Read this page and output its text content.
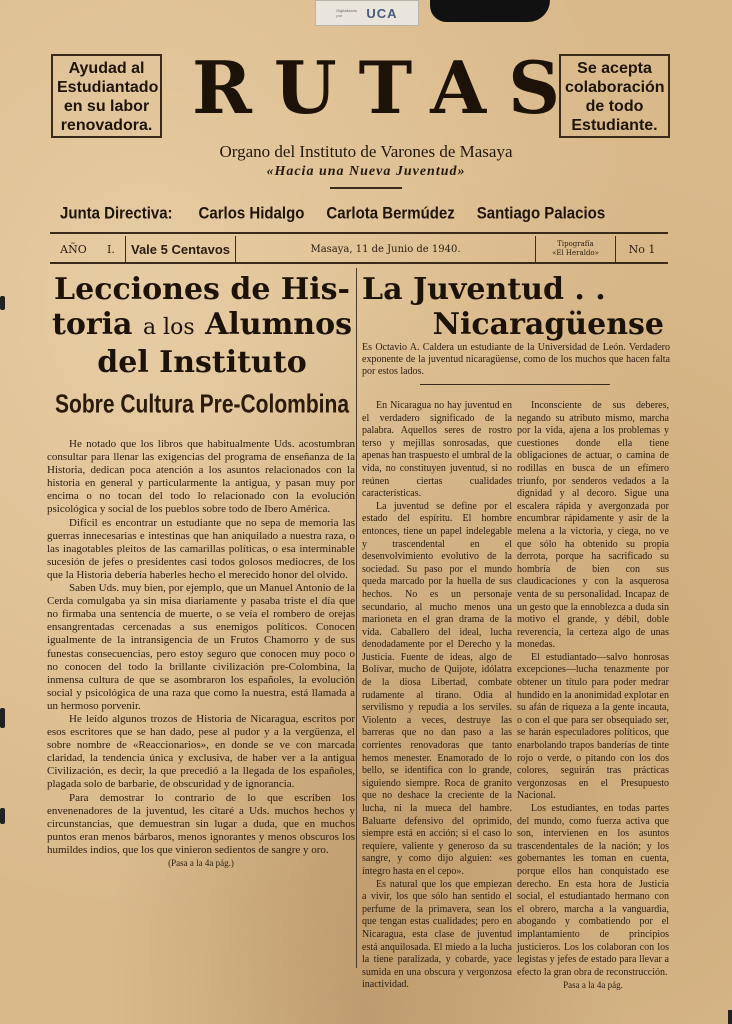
Digitalizado por	UCA
Ayudad al Estudiantado en su labor renovadora.
Se acepta colaboración de todo Estudiante.
RUTAS
Organo del Instituto de Varones de Masaya
«Hacia una Nueva Juventud»
Junta Directiva: Carlos Hidalgo Carlota Bermúdez Santiago Palacios
AÑO I.	Vale 5 Centavos	Masaya, 11 de Junio de 1940.	Tipografía
«El Heraldo»	No 1
Lecciones de His-
toria a los Alumnos
del Instituto
Sobre Cultura Pre-Colombina

He notado que los libros que habitualmente Uds. acostumbran consultar para llenar las exigencias del programa de enseñanza de la Historia, dedican poca atención a los asuntos relacionados con la historia en general y particularmente la antigua, y pasan muy por encima o no tocan del todo lo relacionado con la evolución psicológica y social de los pueblos sobre todo de Ibero América.

Difícil es encontrar un estudiante que no sepa de memoria las guerras innecesarias e intestinas que han aniquilado a nuestra raza, o las inagotables pleitos de las camarillas políticas, o esa interminable sucesión de jefes o presidentes casi todos golosos mediocres, de los que la Historia debería haberles hecho el merecido honor del olvido.

Saben Uds. muy bien, por ejemplo, que un Manuel Antonio de la Cerda comulgaba ya sin misa diariamente y pasaba triste el día que no firmaba una sentencia de muerte, o se veía el rombero de orejas ensangrentadas cercenadas a sus enemigos políticos. Conocen igualmente de la intransigencia de un Frutos Chamorro y de sus funestas consecuencias, pero estoy seguro que conocen muy poco o no conocen del todo la brillante civilización pre-Colombina, la inmensa cultura de que se asombraron los españoles, la evolución social y psicológica de una raza que como la nuestra, está llamada a un hermoso porvenir.

He leído algunos trozos de Historia de Nicaragua, escritos por esos escritores que se han dado, pese al pudor y a la vergüenza, el sobre nombre de «Reaccionarios», en donde se ve con marcada claridad, la tendencia única y exclusiva, de haber ver a la antigua Civilización, es decir, la que precedió a la llegada de los españoles, plagada solo de barbarie, de obscuridad y de ignorancia.

Para demostrar lo contrario de lo que escriben los envenenadores de la juventud, les citaré a Uds. muchos hechos y circunstancias, que demuestran sin lugar a duda, que en muchos puntos eran menos bárbaros, menos ignorantes y menos obscuros los humildes indios, que los que vinieron sedientos de sangre y oro.

(Pasa a la 4a pág.)

La Juventud . .
Nicaragüense
Es Octavio A. Caldera un estudiante de la Universidad de León. Verdadero exponente de la juventud nicaragüense, como de los muchos que hacen falta por estos lados.

En Nicaragua no hay juventud en el verdadero significado de la palabra. Aquellos seres de rostro terso y mejillas sonrosadas, que apenas han traspuesto el umbral de la vida, no constituyen juventud, si no reúnen ciertas cualidades características.

La juventud se define por el estado del espíritu. El hombre entonces, tiene un papel indelegable y trascendental en el desenvolvimiento evolutivo de la sociedad. Su paso por el mundo queda marcado por la huella de sus hechos. No es un personaje secundario, al mucho menos una marioneta en el gran drama de la vida. Caballero del ideal, lucha denodadamente por el Derecho y la Justicia. Fuente de ideas, algo de Bolívar, mucho de Quijote, idólatra de la diosa Libertad, combate rudamente al tirano. Odia al servilismo y repudia a los serviles. Violento a veces, destruye las barreras que no dan paso a las corrientes renovadoras que tanto hemos menester. Enamorado de lo bello, se identifica con lo grande, siguiendo siempre. Roca de granito que no deshace la creciente de la lucha, ni la mueca del hambre. Baluarte defensivo del oprimido, siempre está en acción; si el caso lo requiere, valiente y generoso da su sangre, y como dijo alguien: «es íntegro hasta en el cepo».

Es natural que los que empiezan a vivir, los que sólo han sentido el perfume de la primavera, sean los que tengan estas cualidades; pero en Nicaragua, esta clase de juventud está anquilosada. El miedo a la lucha la tiene paralizada, y cobarde, yace sumida en una obscura y vergonzosa inactividad.

Inconsciente de sus deberes, negando su atributo mismo, marcha por la vida, ajena a los problemas y cuestiones donde ella tiene obligaciones de actuar, o camina de rodillas en busca de un efímero triunfo, por senderos vedados a la dignidad y al decoro. Sigue una escalera rápida y avergonzada por encumbrar rápidamente y asir de la melena a la victoria, y ciega, no ve que sólo ha obtenido su propia derrota, porque ha sacrificado su hombría de bien con sus claudicaciones y con la asquerosa venta de su personalidad. Incapaz de un gesto que la ennoblezca a duda sin motivo el grande, y débil, doble reverencia, la certeza algo de unas monedas.

El estudiantado—salvo honrosas excepciones—lucha tenazmente por obtener un título para poder medrar hundido en la anonimidad explotar en su afán de riqueza a la gente incauta, o con el que para ser obsequiado ser, se harán especuladores políticos, que enarbolando trapos banderías de tinte rojo o verde, o pitando con los dos colores, seguirán tras prácticas vergonzosas en el Presupuesto Nacional.

Los estudiantes, en todas partes del mundo, como fuerza activa que son, intervienen en los asuntos trascendentales de la nación; y los gobernantes les toman en cuenta, porque ellos han conquistado ese derecho. En esta hora de Justicia social, el estudiantado hermano con el obrero, marcha a la vanguardia, abogando y combatiendo por el implantamiento de principios justicieros. Los los colaboran con los legistas y jefes de estado para llevar a efecto la gran obra de reconstrucción.

Pasa a la 4a pág.
